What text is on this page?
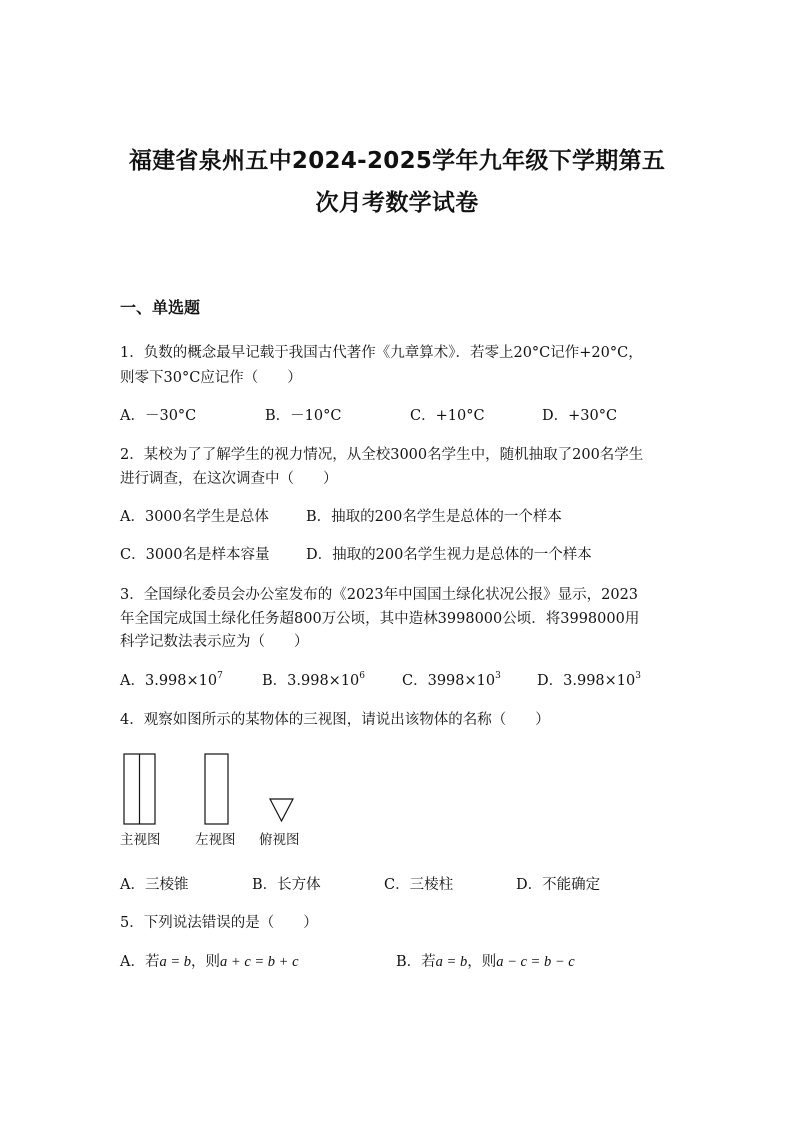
福建省泉州五中2024-2025学年九年级下学期第五
次月考数学试卷
一、单选题
1．负数的概念最早记载于我国古代著作《九章算术》．若零上20°C记作+20°C，
则零下30°C应记作（　　）
A．－30°C	B．－10°C	C．+10°C	D．+30°C
2．某校为了了解学生的视力情况，从全校3000名学生中，随机抽取了200名学生
进行调查，在这次调查中（　　）
A．3000名学生是总体	B．抽取的200名学生是总体的一个样本
C．3000名是样本容量	D．抽取的200名学生视力是总体的一个样本
3．全国绿化委员会办公室发布的《2023年中国国土绿化状况公报》显示，2023
年全国完成国土绿化任务超800万公顷，其中造林3998000公顷．将3998000用
科学记数法表示应为（　　）
A．$3.998\times 10^7$	B．$3.998\times 10^6$	C．$3998\times 10^3$ D．$3.998\times 10^3$
4．观察如图所示的某物体的三视图，请说出该物体的名称（　　）
主视图	左视图 俯视图
A．三棱锥	B．长方体	C．三棱柱	D．不能确定
5．下列说法错误的是（　　）
A．若a = b，则a + c = b + c	B．若a = b，则a − c = b − c
